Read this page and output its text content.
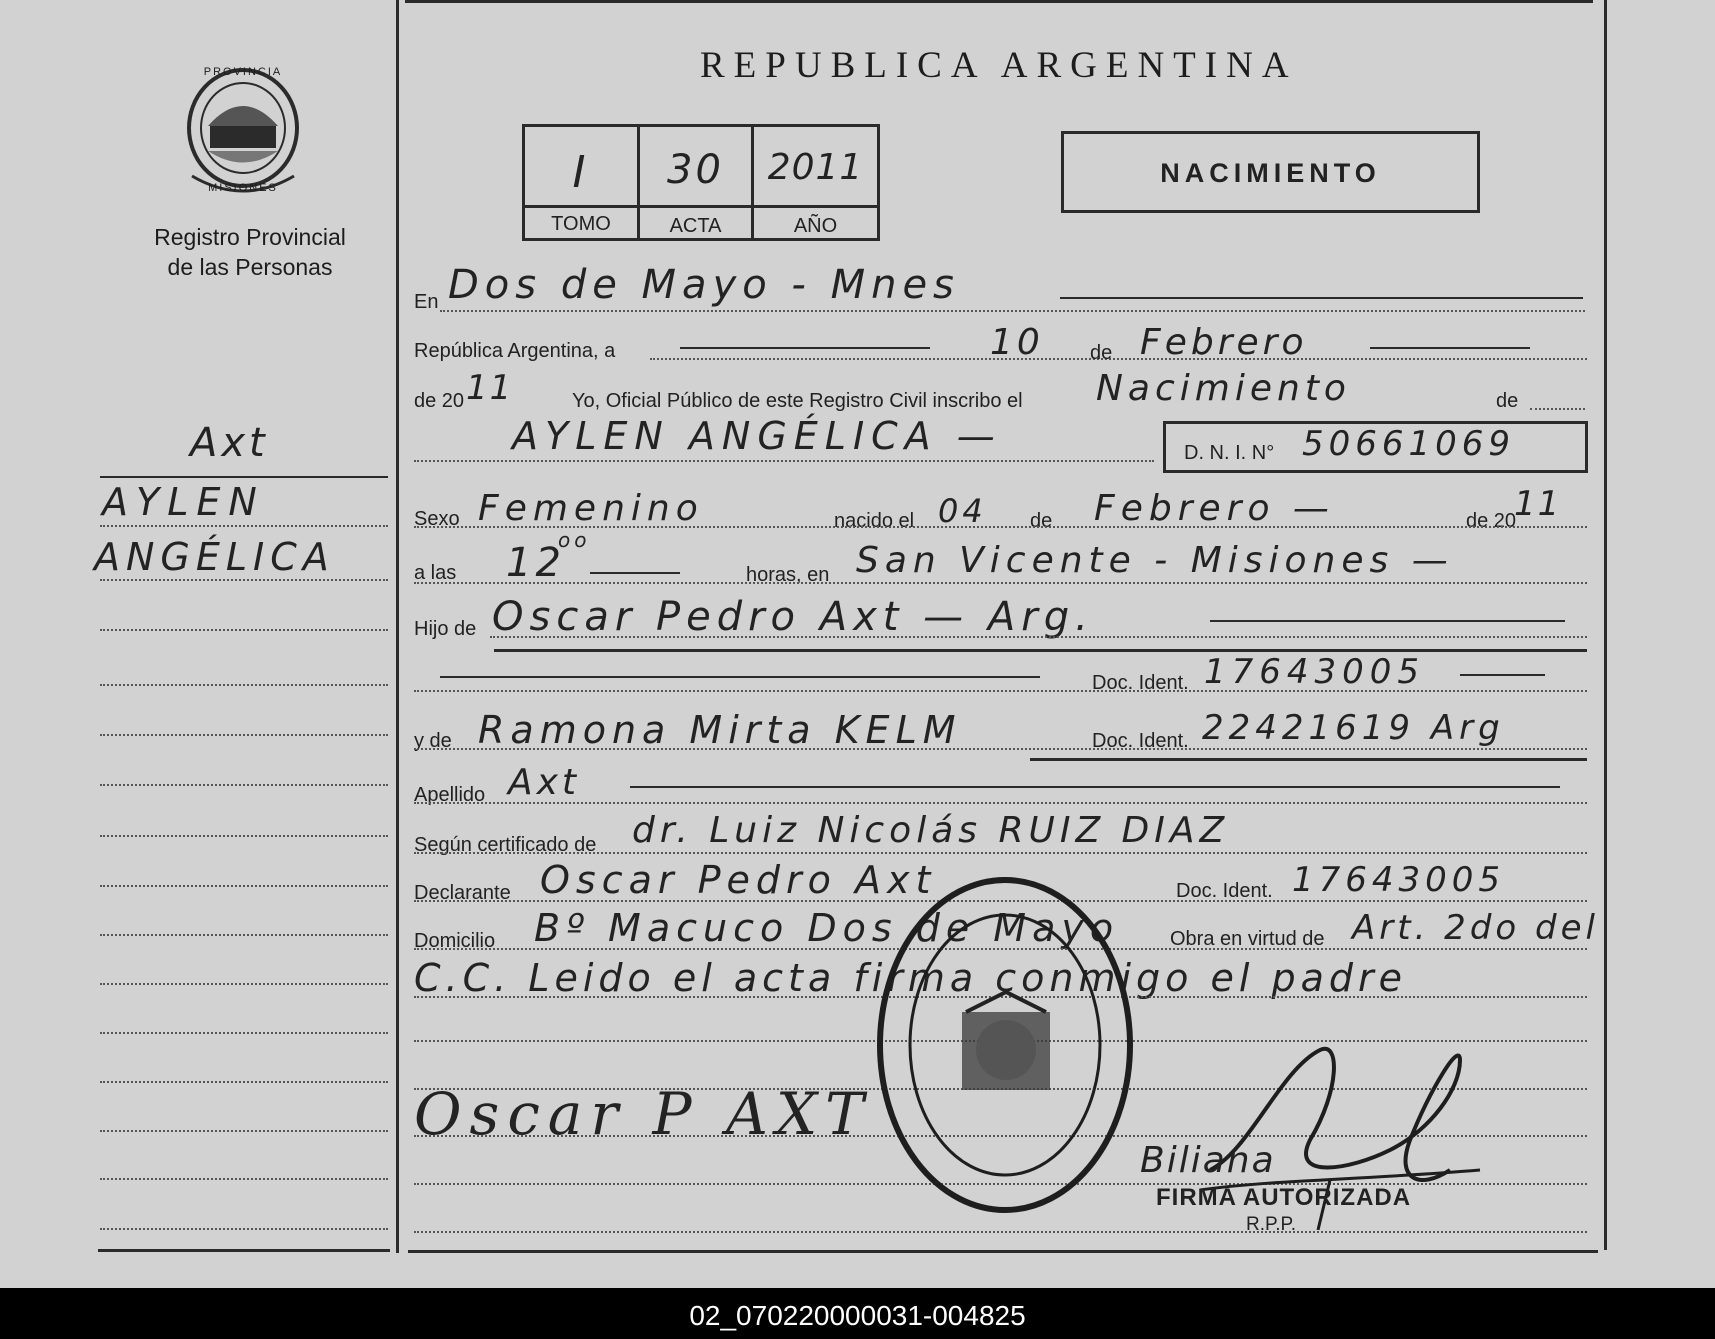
PROVINCIA
MISIONES
Registro Provincial
de las Personas
REPUBLICA ARGENTINA
I	30	2011
TOMO	ACTA	AÑO
NACIMIENTO
Axt
AYLEN
ANGÉLICA
En Dos de Mayo - Mnes
República Argentina, a	10 de Febrero
de 20 11	Yo, Oficial Público de este Registro Civil inscribo el Nacimiento	de
AYLEN ANGÉLICA —	D. N. I. N° 50661069
Sexo Femenino	nacido el 04 de Febrero —	de 20
11
a las 12
oo
horas, en San Vicente - Misiones —
Hijo de Oscar Pedro Axt — Arg.
Doc. Ident. 17643005
y de Ramona Mirta KELM	Doc. Ident. 22421619 Arg
Apellido Axt
Según certificado de dr. Luiz Nicolás RUIZ DIAZ
Declarante Oscar Pedro Axt	Doc. Ident. 17643005
Domicilio Bº Macuco Dos de Mayo	Obra en virtud de Art. 2do del
C.C. Leido el acta firma conmigo el padre
Oscar P AXT
Biliana
FIRMA AUTORIZADA
R.P.P.
02_070220000031-004825
